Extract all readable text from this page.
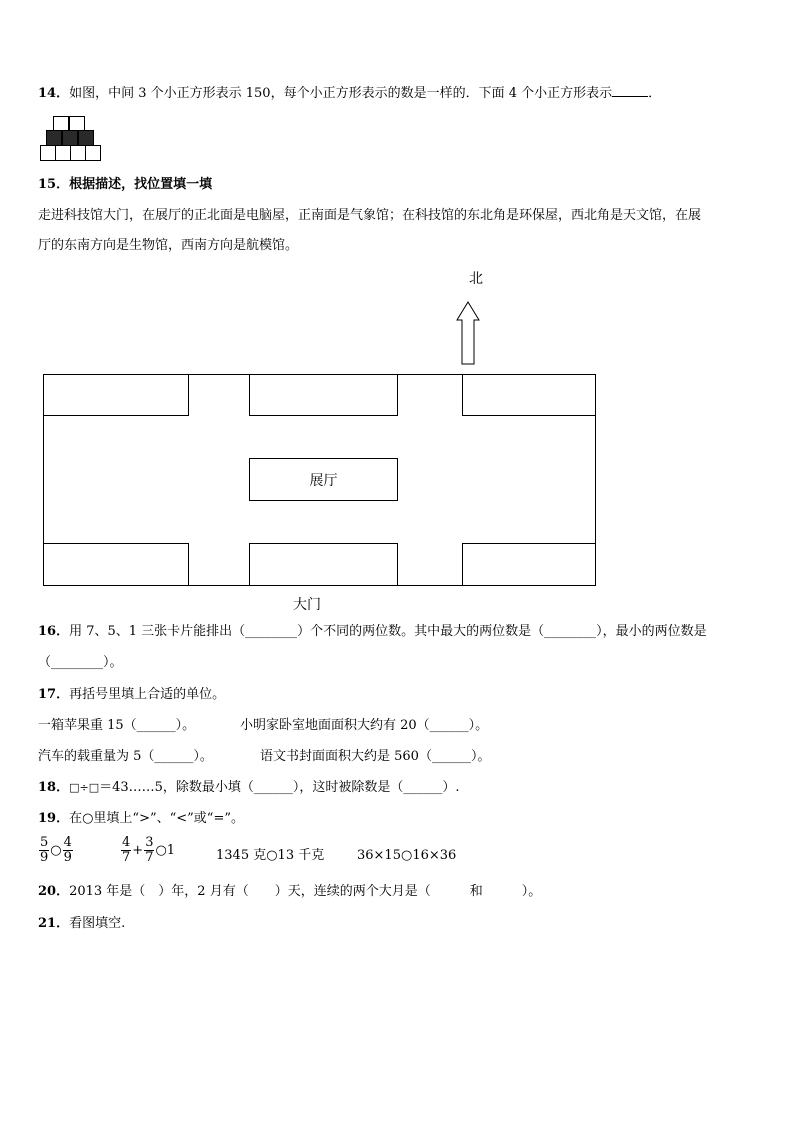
14．如图，中间 3 个小正方形表示 150，每个小正方形表示的数是一样的．下面 4 个小正方形表示	．
15．根据描述，找位置填一填
走进科技馆大门，在展厅的正北面是电脑屋，正南面是气象馆；在科技馆的东北角是环保屋，西北角是天文馆，在展
厅的东南方向是生物馆，西南方向是航模馆。
北
展厅
大门
16．用 7、5、1 三张卡片能排出（________）个不同的两位数。其中最大的两位数是（________），最小的两位数是
（________）。
17．再括号里填上合适的单位。
一箱苹果重 15（______）。	小明家卧室地面面积大约有 20（______）。
汽车的载重量为 5（______）。	语文书封面面积大约是 560（______）。
18．□÷□＝43……5，除数最小填（______），这时被除数是（______）.
19．在○里填上“>”、“<”或“=”。
$\frac{5}{9}$ ○ $\frac{4}{9}$	$\frac{4}{7} + \frac{3}{7}$ ○1	1345 克○13 千克	36×15○16×36
20．2013 年是（　）年，2 月有（　　）天，连续的两个大月是（　　　和　　　）。
21．看图填空.
